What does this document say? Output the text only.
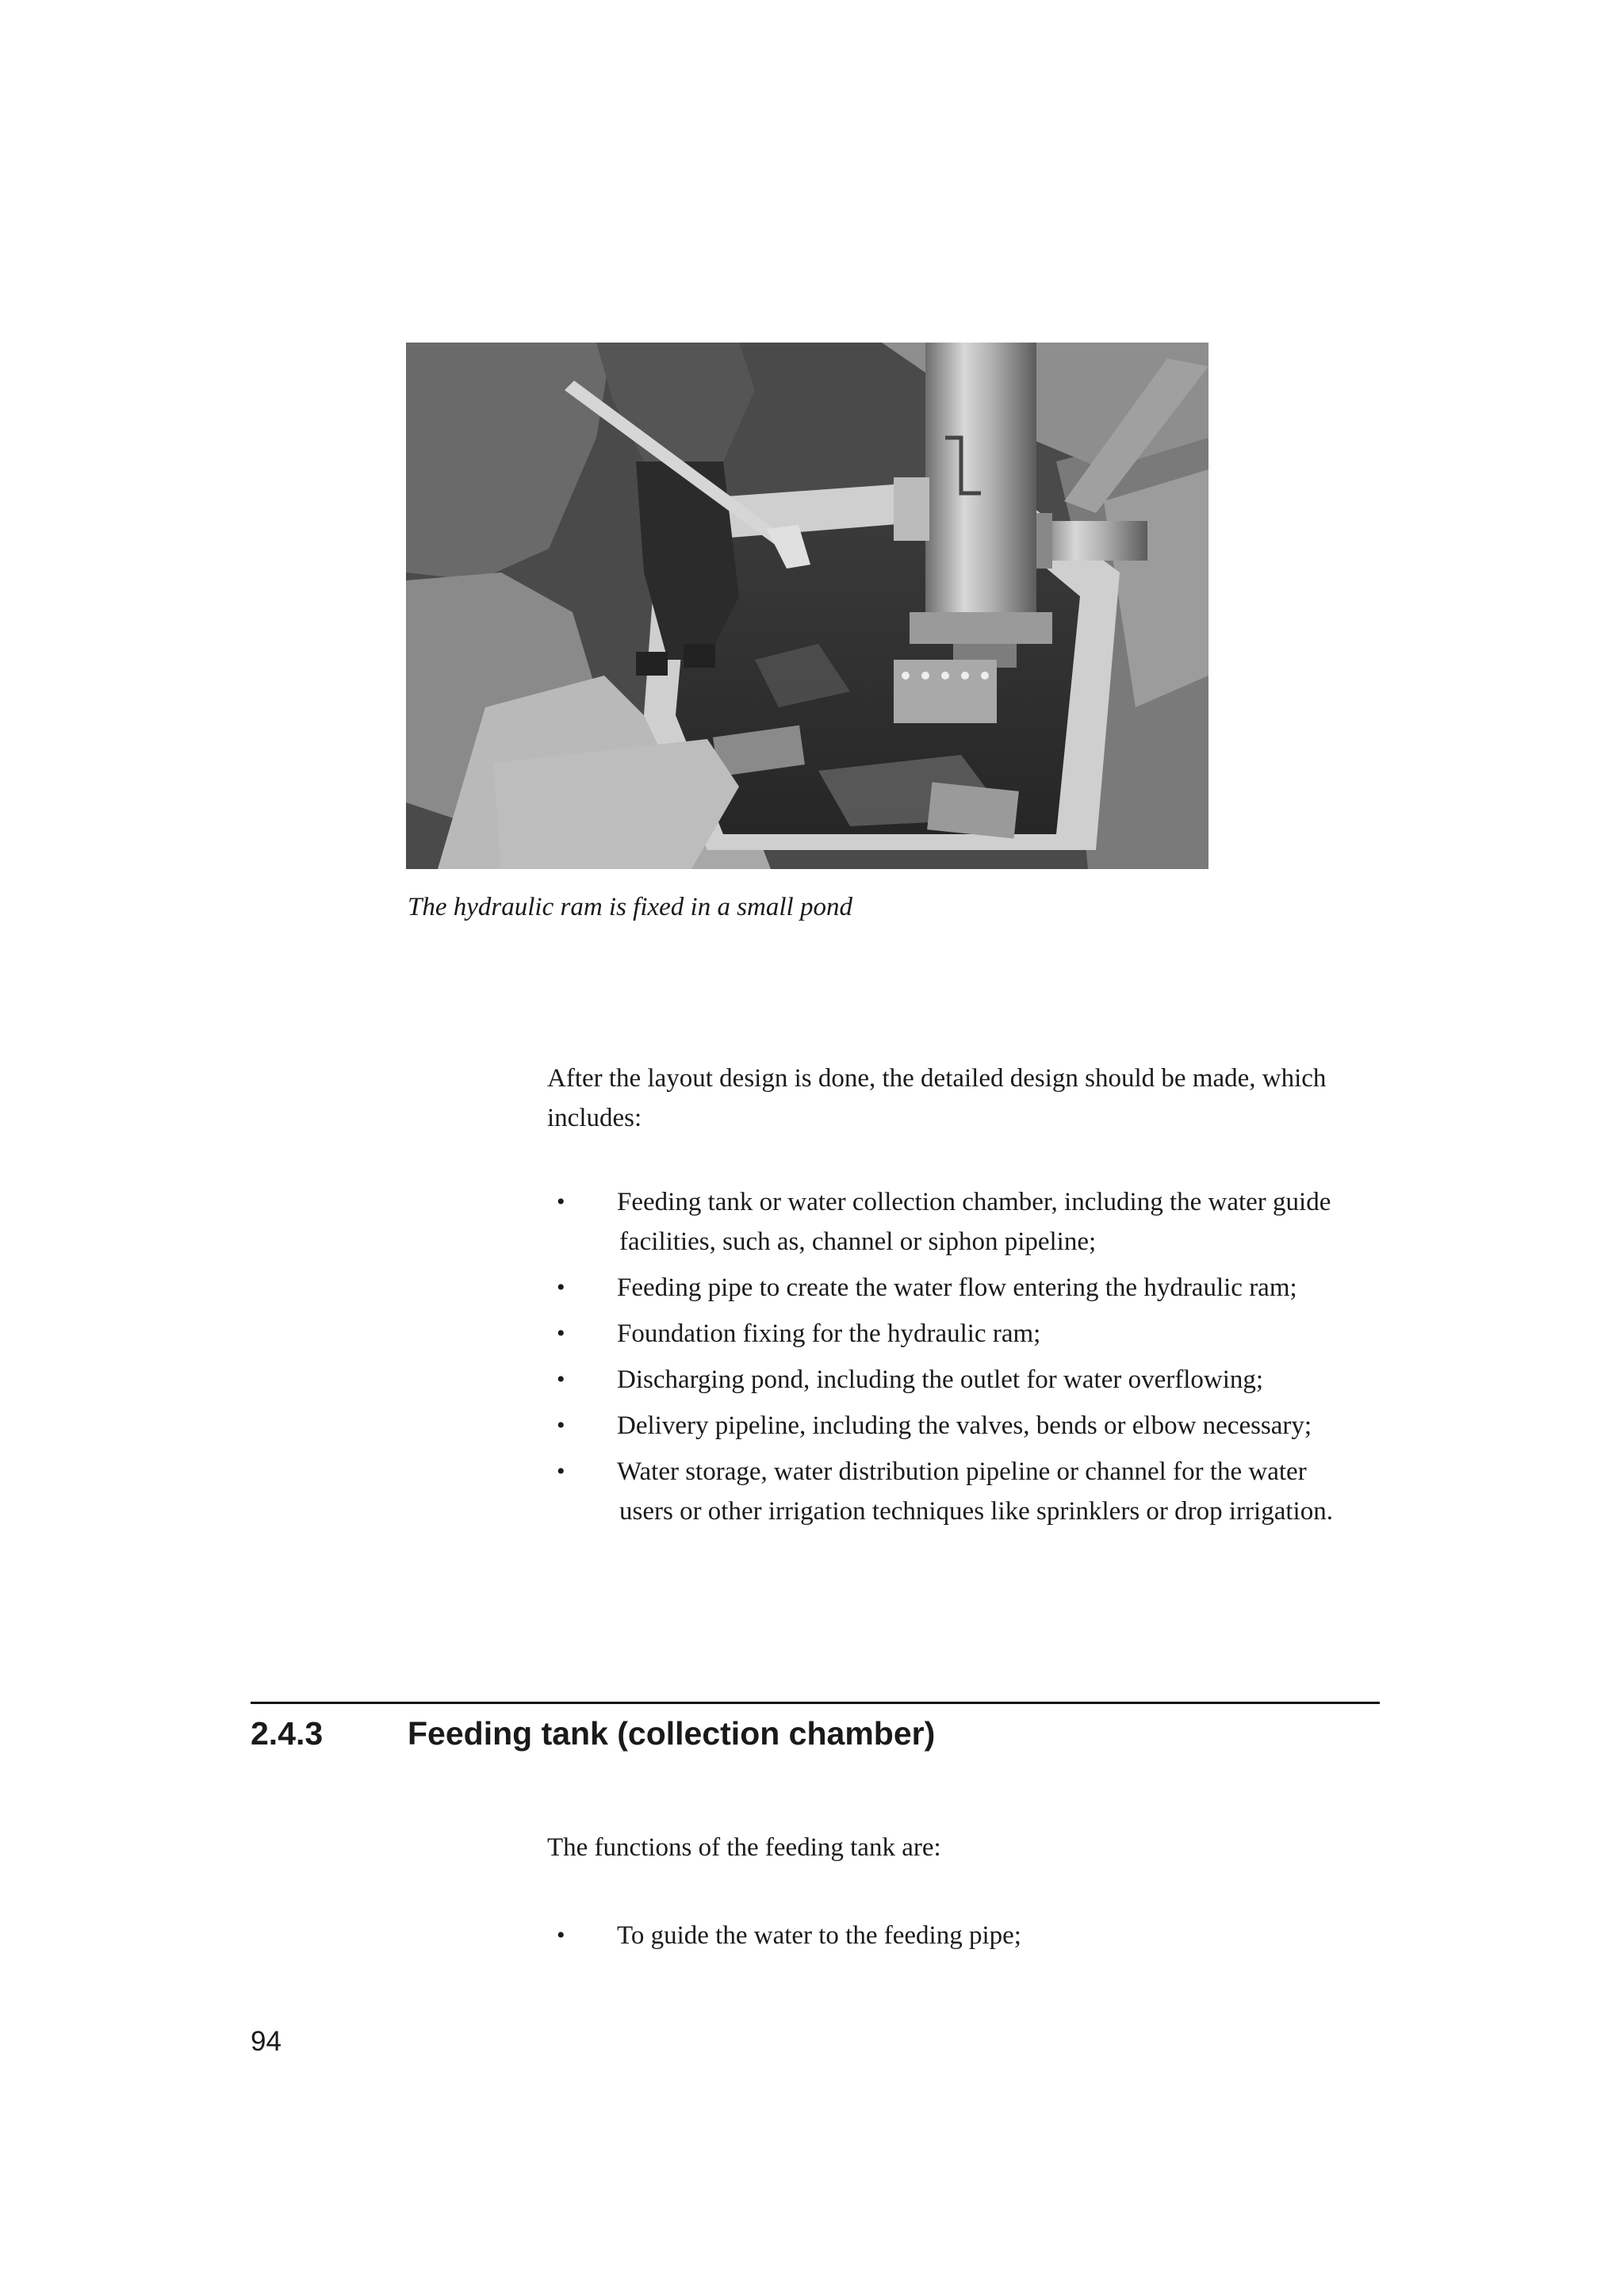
The hydraulic ram is fixed in a small pond
After the layout design is done, the detailed design should be made, which includes:
• Feeding tank or water collection chamber, including the water guide
facilities, such as, channel or siphon pipeline;
• Feeding pipe to create the water flow entering the hydraulic ram;
• Foundation fixing for the hydraulic ram;
• Discharging pond, including the outlet for water overflowing;
• Delivery pipeline, including the valves, bends or elbow necessary;
• Water storage, water distribution pipeline or channel for the water
users or other irrigation techniques like sprinklers or drop irrigation.
2.4.3	Feeding tank (collection chamber)
The functions of the feeding tank are:
• To guide the water to the feeding pipe;
94
